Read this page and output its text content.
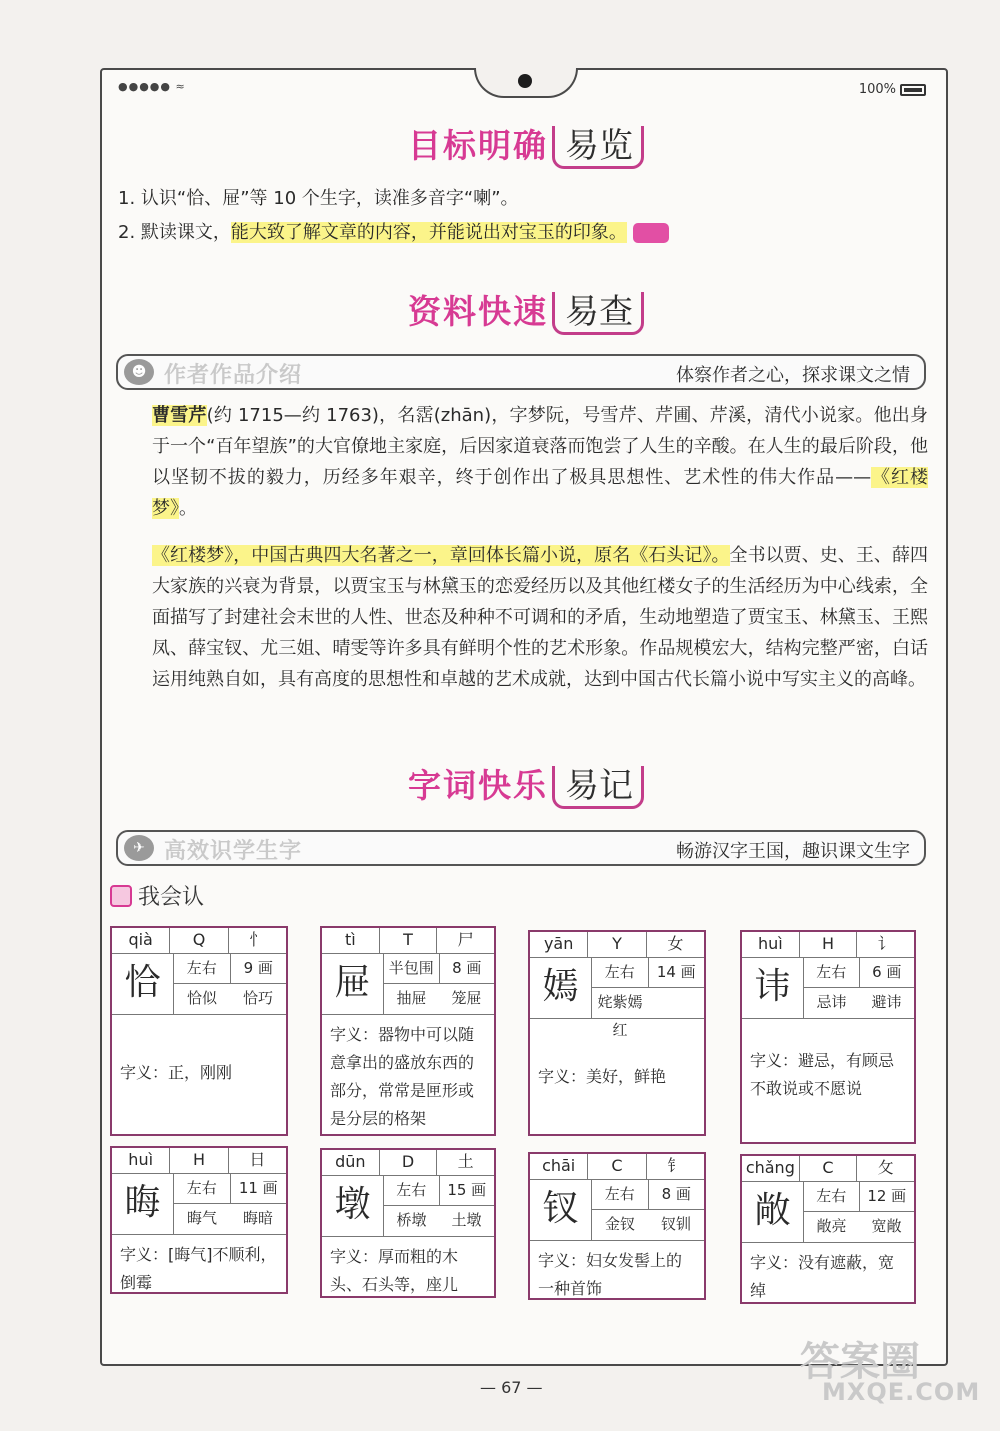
●●●●● ≈	100%
目标明确 易览
1. 认识“恰、屉”等 10 个生字，读准多音字“喇”。
2. 默读课文，能大致了解文章的内容，并能说出对宝玉的印象。
资料快速 易查
☻ 作者作品介绍	体察作者之心，探求课文之情
曹雪芹(约 1715—约 1763)，名霑(zhān)，字梦阮，号雪芹、芹圃、芹溪，清代小说家。他出身于一个“百年望族”的大官僚地主家庭，后因家道衰落而饱尝了人生的辛酸。在人生的最后阶段，他以坚韧不拔的毅力，历经多年艰辛，终于创作出了极具思想性、艺术性的伟大作品——《红楼梦》。
《红楼梦》，中国古典四大名著之一，章回体长篇小说，原名《石头记》。全书以贾、史、王、薛四大家族的兴衰为背景，以贾宝玉与林黛玉的恋爱经历以及其他红楼女子的生活经历为中心线索，全面描写了封建社会末世的人性、世态及种种不可调和的矛盾，生动地塑造了贾宝玉、林黛玉、王熙凤、薛宝钗、尤三姐、晴雯等许多具有鲜明个性的艺术形象。作品规模宏大，结构完整严密，白话运用纯熟自如，具有高度的思想性和卓越的艺术成就，达到中国古代长篇小说中写实主义的高峰。
字词快乐 易记
✈ 高效识学生字	畅游汉字王国，趣识课文生字
我会认
qià	Q	忄
恰	左右	9 画
恰似	恰巧
字义：正，刚刚
tì	T	尸
屉	半包围	8 画
抽屉	笼屉
字义：器物中可以随意拿出的盛放东西的部分，常常是匣形或是分层的格架
yān	Y	女
嫣	左右	14 画
姹紫嫣红
字义：美好，鲜艳
huì	H	讠
讳	左右	6 画
忌讳	避讳
字义：避忌，有顾忌不敢说或不愿说
huì	H	日
晦	左右	11 画
晦气	晦暗
字义：[晦气]不顺利，倒霉
dūn	D	土
墩	左右	15 画
桥墩	土墩
字义：厚而粗的木头、石头等，座儿
chāi	C	钅
钗	左右	8 画
金钗	钗钏
字义：妇女发髻上的一种首饰
chǎng	C	攵
敞	左右	12 画
敞亮	宽敞
字义：没有遮蔽，宽绰
— 67 —
答案圈
MXQE.COM
